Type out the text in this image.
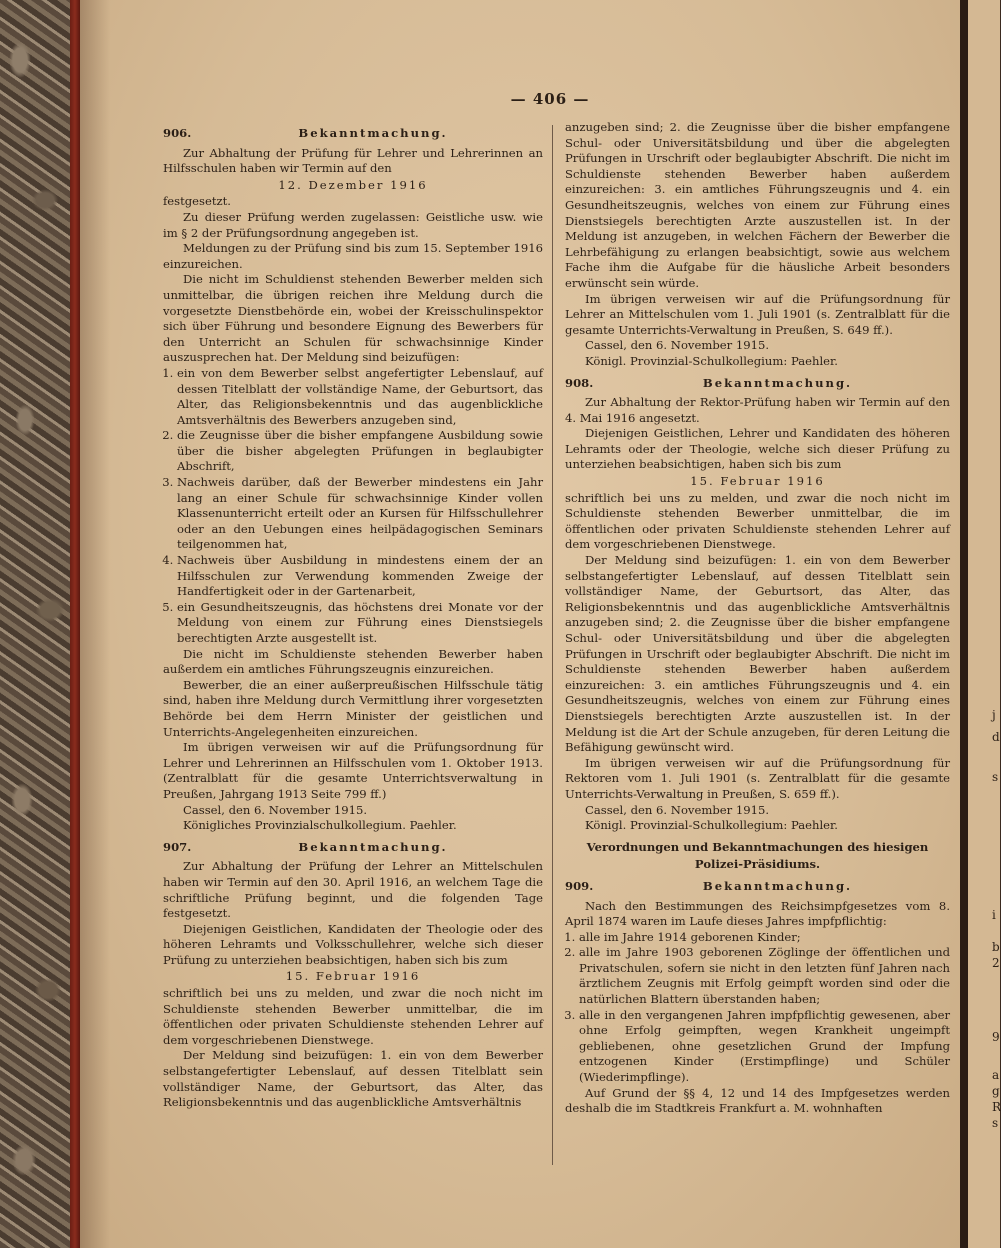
j
d
s
i
b
2
9
a
g
R
s
— 406 —
906.	Bekanntmachung.

Zur Abhaltung der Prüfung für Lehrer und Lehrerinnen an Hilfsschulen haben wir Termin auf den

12. Dezember 1916

festgesetzt.

Zu dieser Prüfung werden zugelassen: Geistliche usw. wie im § 2 der Prüfungsordnung angegeben ist.

Meldungen zu der Prüfung sind bis zum 15. September 1916 einzureichen.

Die nicht im Schuldienst stehenden Bewerber melden sich unmittelbar, die übrigen reichen ihre Meldung durch die vorgesetzte Dienstbehörde ein, wobei der Kreisschulinspektor sich über Führung und besondere Eignung des Bewerbers für den Unterricht an Schulen für schwachsinnige Kinder auszusprechen hat. Der Meldung sind beizufügen:

1. ein von dem Bewerber selbst angefertigter Lebenslauf, auf dessen Titelblatt der vollständige Name, der Geburtsort, das Alter, das Religionsbekenntnis und das augenblickliche Amtsverhältnis des Bewerbers anzugeben sind,
2. die Zeugnisse über die bisher empfangene Ausbildung sowie über die bisher abgelegten Prüfungen in beglaubigter Abschrift,
3. Nachweis darüber, daß der Bewerber mindestens ein Jahr lang an einer Schule für schwachsinnige Kinder vollen Klassenunterricht erteilt oder an Kursen für Hilfsschullehrer oder an den Uebungen eines heilpädagogischen Seminars teilgenommen hat,
4. Nachweis über Ausbildung in mindestens einem der an Hilfsschulen zur Verwendung kommenden Zweige der Handfertigkeit oder in der Gartenarbeit,
5. ein Gesundheitszeugnis, das höchstens drei Monate vor der Meldung von einem zur Führung eines Dienstsiegels berechtigten Arzte ausgestellt ist.

Die nicht im Schuldienste stehenden Bewerber haben außerdem ein amtliches Führungszeugnis einzureichen.

Bewerber, die an einer außerpreußischen Hilfsschule tätig sind, haben ihre Meldung durch Vermittlung ihrer vorgesetzten Behörde bei dem Herrn Minister der geistlichen und Unterrichts-Angelegenheiten einzureichen.

Im übrigen verweisen wir auf die Prüfungsordnung für Lehrer und Lehrerinnen an Hilfsschulen vom 1. Oktober 1913. (Zentralblatt für die gesamte Unterrichtsverwaltung in Preußen, Jahrgang 1913 Seite 799 ff.)

Cassel, den 6. November 1915.

Königliches Provinzialschulkollegium. Paehler.

907.	Bekanntmachung.

Zur Abhaltung der Prüfung der Lehrer an Mittelschulen haben wir Termin auf den 30. April 1916, an welchem Tage die schriftliche Prüfung beginnt, und die folgenden Tage festgesetzt.

Diejenigen Geistlichen, Kandidaten der Theologie oder des höheren Lehramts und Volksschullehrer, welche sich dieser Prüfung zu unterziehen beabsichtigen, haben sich bis zum

15. Februar 1916

schriftlich bei uns zu melden, und zwar die noch nicht im Schuldienste stehenden Bewerber unmittelbar, die im öffentlichen oder privaten Schuldienste stehenden Lehrer auf dem vorgeschriebenen Dienstwege.

Der Meldung sind beizufügen: 1. ein von dem Bewerber selbstangefertigter Lebenslauf, auf dessen Titelblatt sein vollständiger Name, der Geburtsort, das Alter, das Religionsbekenntnis und das augenblickliche Amtsverhältnis

anzugeben sind; 2. die Zeugnisse über die bisher empfangene Schul- oder Universitätsbildung und über die abgelegten Prüfungen in Urschrift oder beglaubigter Abschrift. Die nicht im Schuldienste stehenden Bewerber haben außerdem einzureichen: 3. ein amtliches Führungszeugnis und 4. ein Gesundheitszeugnis, welches von einem zur Führung eines Dienstsiegels berechtigten Arzte auszustellen ist. In der Meldung ist anzugeben, in welchen Fächern der Bewerber die Lehrbefähigung zu erlangen beabsichtigt, sowie aus welchem Fache ihm die Aufgabe für die häusliche Arbeit besonders erwünscht sein würde.

Im übrigen verweisen wir auf die Prüfungsordnung für Lehrer an Mittelschulen vom 1. Juli 1901 (s. Zentralblatt für die gesamte Unterrichts-Verwaltung in Preußen, S. 649 ff.).

Cassel, den 6. November 1915.

Königl. Provinzial-Schulkollegium: Paehler.

908.	Bekanntmachung.

Zur Abhaltung der Rektor-Prüfung haben wir Termin auf den 4. Mai 1916 angesetzt.

Diejenigen Geistlichen, Lehrer und Kandidaten des höheren Lehramts oder der Theologie, welche sich dieser Prüfung zu unterziehen beabsichtigen, haben sich bis zum

15. Februar 1916

schriftlich bei uns zu melden, und zwar die noch nicht im Schuldienste stehenden Bewerber unmittelbar, die im öffentlichen oder privaten Schuldienste stehenden Lehrer auf dem vorgeschriebenen Dienstwege.

Der Meldung sind beizufügen: 1. ein von dem Bewerber selbstangefertigter Lebenslauf, auf dessen Titelblatt sein vollständiger Name, der Geburtsort, das Alter, das Religionsbekenntnis und das augenblickliche Amtsverhältnis anzugeben sind; 2. die Zeugnisse über die bisher empfangene Schul- oder Universitätsbildung und über die abgelegten Prüfungen in Urschrift oder beglaubigter Abschrift. Die nicht im Schuldienste stehenden Bewerber haben außerdem einzureichen: 3. ein amtliches Führungszeugnis und 4. ein Gesundheitszeugnis, welches von einem zur Führung eines Dienstsiegels berechtigten Arzte auszustellen ist. In der Meldung ist die Art der Schule anzugeben, für deren Leitung die Befähigung gewünscht wird.

Im übrigen verweisen wir auf die Prüfungsordnung für Rektoren vom 1. Juli 1901 (s. Zentralblatt für die gesamte Unterrichts-Verwaltung in Preußen, S. 659 ff.).

Cassel, den 6. November 1915.

Königl. Provinzial-Schulkollegium: Paehler.

Verordnungen und Bekanntmachungen des hiesigen
Polizei-Präsidiums.
909.	Bekanntmachung.

Nach den Bestimmungen des Reichsimpfgesetzes vom 8. April 1874 waren im Laufe dieses Jahres impfpflichtig:

1. alle im Jahre 1914 geborenen Kinder;
2. alle im Jahre 1903 geborenen Zöglinge der öffentlichen und Privatschulen, sofern sie nicht in den letzten fünf Jahren nach ärztlichem Zeugnis mit Erfolg geimpft worden sind oder die natürlichen Blattern überstanden haben;
3. alle in den vergangenen Jahren impfpflichtig gewesenen, aber ohne Erfolg geimpften, wegen Krankheit ungeimpft gebliebenen, ohne gesetzlichen Grund der Impfung entzogenen Kinder (Erstimpflinge) und Schüler (Wiederimpflinge).

Auf Grund der §§ 4, 12 und 14 des Impfgesetzes werden deshalb die im Stadtkreis Frankfurt a. M. wohnhaften
